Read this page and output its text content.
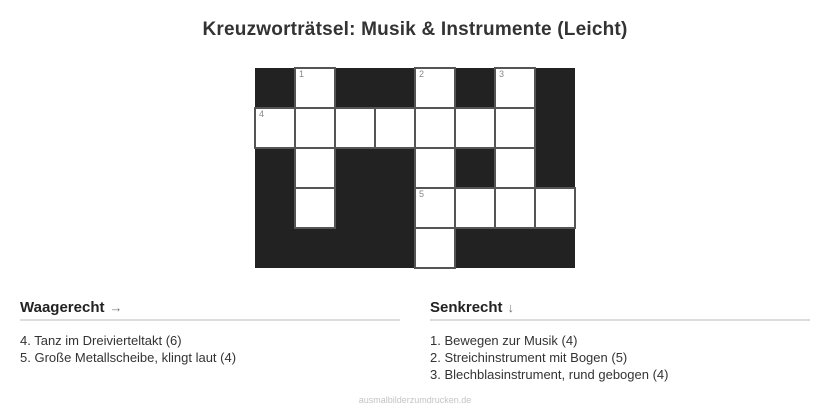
Kreuzworträtsel: Musik & Instrumente (Leicht)

	1			2		3	

4							

				5			

Waagerecht →
4. Tanz im Dreivierteltakt (6)
5. Große Metallscheibe, klingt laut (4)
Senkrecht ↓
1. Bewegen zur Musik (4)
2. Streichinstrument mit Bogen (5)
3. Blechblasinstrument, rund gebogen (4)
ausmalbilderzumdrucken.de
